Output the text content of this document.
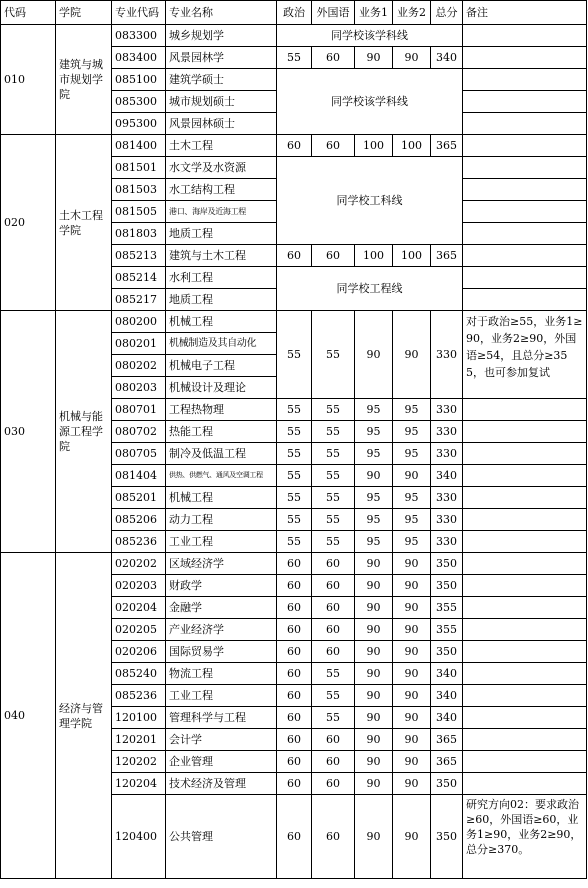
代码	学院	专业代码	专业名称	政治	外国语	业务1	业务2	总分	备注
010	建筑与城市规划学院	083300	城乡规划学	同学校该学科线					
		083400	风景园林学	55	60	90	90	340	
		085100	建筑学硕士	同学校该学科线					
		085300	城市规划硕士						
		095300	风景园林硕士						
020	土木工程学院	081400	土木工程	60	60	100	100	365	
		081501	水文学及水资源	同学校工科线					
		081503	水工结构工程						
		081505	港口、海岸及近海工程						
		081803	地质工程						
		085213	建筑与土木工程	60	60	100	100	365	
		085214	水利工程	同学校工程线					
		085217	地质工程						
030	机械与能源工程学院	080200	机械工程	55	55	90	90	330	对于政治≥55，业务1≥90，业务2≥90，外国语≥54，且总分≥355，也可参加复试
		080201	机械制造及其自动化						
		080202	机械电子工程						
		080203	机械设计及理论						
		080701	工程热物理	55	55	95	95	330	
		080702	热能工程	55	55	95	95	330	
		080705	制冷及低温工程	55	55	95	95	330	
		081404	供热、供燃气、通风及空调工程	55	55	90	90	340	
		085201	机械工程	55	55	95	95	330	
		085206	动力工程	55	55	95	95	330	
		085236	工业工程	55	55	95	95	330	
040	经济与管理学院	020202	区域经济学	60	60	90	90	350	
		020203	财政学	60	60	90	90	350	
		020204	金融学	60	60	90	90	355	
		020205	产业经济学	60	60	90	90	355	
		020206	国际贸易学	60	60	90	90	350	
		085240	物流工程	60	55	90	90	340	
		085236	工业工程	60	55	90	90	340	
		120100	管理科学与工程	60	55	90	90	340	
		120201	会计学	60	60	90	90	365	
		120202	企业管理	60	60	90	90	365	
		120204	技术经济及管理	60	60	90	90	350	
		120400	公共管理	60	60	90	90	350	研究方向02：要求政治≥60，外国语≥60，业务1≥90，业务2≥90，总分≥370。
